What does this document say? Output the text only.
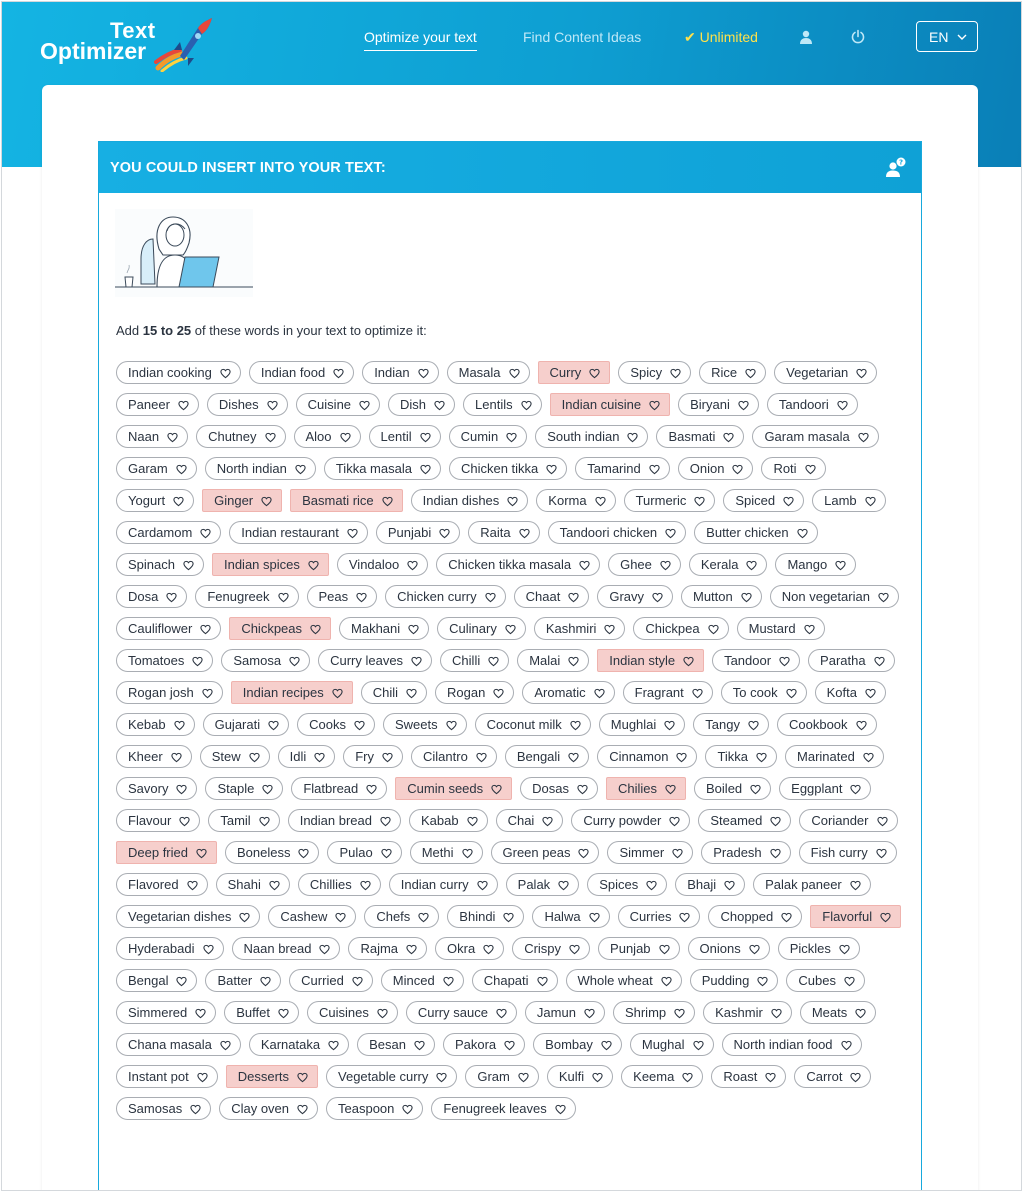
Text
Optimizer
Optimize your text	Find Content Ideas	✔ Unlimited	EN
YOU COULD INSERT INTO YOUR TEXT:	?
Add 15 to 25 of these words in your text to optimize it:
Indian cooking	Indian food	Indian	Masala	Curry	Spicy	Rice	Vegetarian
Paneer	Dishes	Cuisine	Dish	Lentils	Indian cuisine	Biryani	Tandoori
Naan	Chutney	Aloo	Lentil	Cumin	South indian	Basmati	Garam masala
Garam	North indian	Tikka masala	Chicken tikka	Tamarind	Onion	Roti
Yogurt	Ginger	Basmati rice	Indian dishes	Korma	Turmeric	Spiced	Lamb
Cardamom	Indian restaurant	Punjabi	Raita	Tandoori chicken	Butter chicken
Spinach	Indian spices	Vindaloo	Chicken tikka masala	Ghee	Kerala	Mango
Dosa	Fenugreek	Peas	Chicken curry	Chaat	Gravy	Mutton	Non vegetarian
Cauliflower	Chickpeas	Makhani	Culinary	Kashmiri	Chickpea	Mustard
Tomatoes	Samosa	Curry leaves	Chilli	Malai	Indian style	Tandoor	Paratha
Rogan josh	Indian recipes	Chili	Rogan	Aromatic	Fragrant	To cook	Kofta
Kebab	Gujarati	Cooks	Sweets	Coconut milk	Mughlai	Tangy	Cookbook
Kheer	Stew	Idli	Fry	Cilantro	Bengali	Cinnamon	Tikka	Marinated
Savory	Staple	Flatbread	Cumin seeds	Dosas	Chilies	Boiled	Eggplant
Flavour	Tamil	Indian bread	Kabab	Chai	Curry powder	Steamed	Coriander
Deep fried	Boneless	Pulao	Methi	Green peas	Simmer	Pradesh	Fish curry
Flavored	Shahi	Chillies	Indian curry	Palak	Spices	Bhaji	Palak paneer
Vegetarian dishes	Cashew	Chefs	Bhindi	Halwa	Curries	Chopped	Flavorful
Hyderabadi	Naan bread	Rajma	Okra	Crispy	Punjab	Onions	Pickles
Bengal	Batter	Curried	Minced	Chapati	Whole wheat	Pudding	Cubes
Simmered	Buffet	Cuisines	Curry sauce	Jamun	Shrimp	Kashmir	Meats
Chana masala	Karnataka	Besan	Pakora	Bombay	Mughal	North indian food
Instant pot	Desserts	Vegetable curry	Gram	Kulfi	Keema	Roast	Carrot
Samosas	Clay oven	Teaspoon	Fenugreek leaves
